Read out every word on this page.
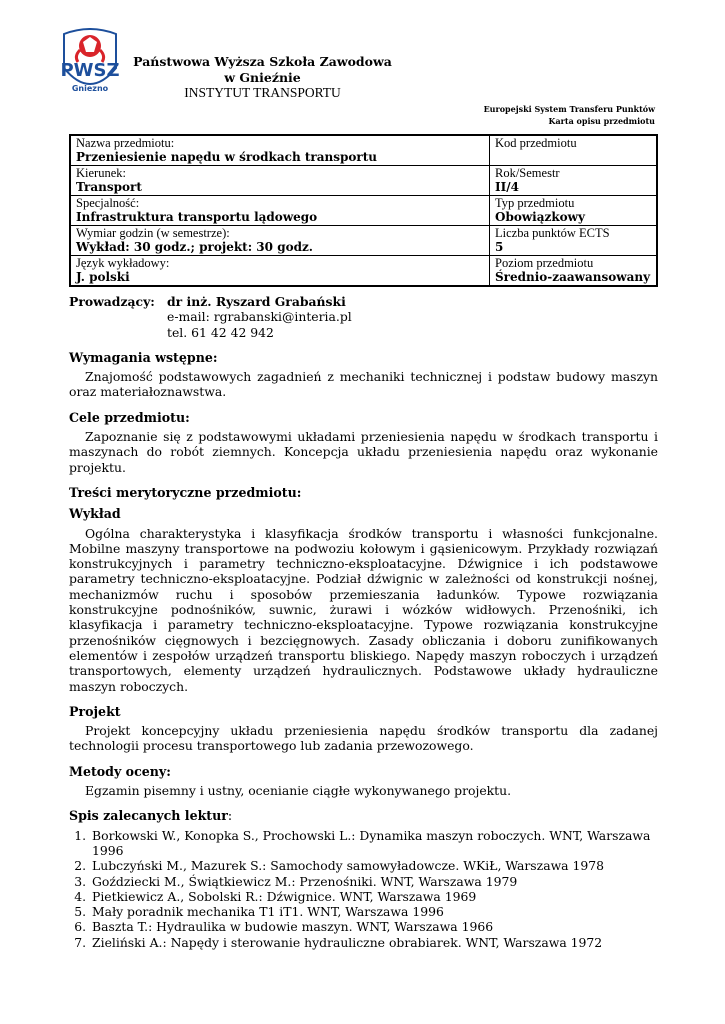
PWSZ
Gniezno
Państwowa Wyższa Szkoła Zawodowa
w Gnieźnie
INSTYTUT TRANSPORTU
Europejski System Transferu Punktów
Karta opisu przedmiotu
Nazwa przedmiotu:
Przeniesienie napędu w środkach transportu	Kod przedmiotu

Kierunek:
Transport	Rok/Semestr
II/4

Specjalność:
Infrastruktura transportu lądowego	Typ przedmiotu
Obowiązkowy

Wymiar godzin (w semestrze):
Wykład: 30 godz.; projekt: 30 godz.	Liczba punktów ECTS
5

Język wykładowy:
J. polski	Poziom przedmiotu
Średnio-zaawansowany
Prowadzący: dr inż. Ryszard Grabański
e-mail: rgrabanski@interia.pl
tel. 61 42 42 942
Wymagania wstępne:

Znajomość podstawowych zagadnień z mechaniki technicznej i podstaw budowy maszyn oraz materiałoznawstwa.

Cele przedmiotu:

Zapoznanie się z podstawowymi układami przeniesienia napędu w środkach transportu i maszynach do robót ziemnych. Koncepcja układu przeniesienia napędu oraz wykonanie projektu.

Treści merytoryczne przedmiotu:
Wykład

Ogólna charakterystyka i klasyfikacja środków transportu i własności funkcjonalne. Mobilne maszyny transportowe na podwoziu kołowym i gąsienicowym. Przykłady rozwiązań konstrukcyjnych i parametry techniczno-eksploatacyjne. Dźwignice i ich podstawowe parametry techniczno-eksploatacyjne. Podział dźwignic w zależności od konstrukcji nośnej, mechanizmów ruchu i sposobów przemieszania ładunków. Typowe rozwiązania konstrukcyjne podnośników, suwnic, żurawi i wózków widłowych. Przenośniki, ich klasyfikacja i parametry techniczno-eksploatacyjne. Typowe rozwiązania konstrukcyjne przenośników cięgnowych i bezcięgnowych. Zasady obliczania i doboru zunifikowanych elementów i zespołów urządzeń transportu bliskiego. Napędy maszyn roboczych i urządzeń transportowych, elementy urządzeń hydraulicznych. Podstawowe układy hydrauliczne maszyn roboczych.

Projekt

Projekt koncepcyjny układu przeniesienia napędu środków transportu dla zadanej technologii procesu transportowego lub zadania przewozowego.

Metody oceny:

Egzamin pisemny i ustny, ocenianie ciągłe wykonywanego projektu.

Spis zalecanych lektur:
1. Borkowski W., Konopka S., Prochowski L.: Dynamika maszyn roboczych. WNT, Warszawa 1996
2. Lubczyński M., Mazurek S.: Samochody samowyładowcze. WKiŁ, Warszawa 1978
3. Goździecki M., Świątkiewicz M.: Przenośniki. WNT, Warszawa 1979
4. Pietkiewicz A., Sobolski R.: Dźwignice. WNT, Warszawa 1969
5. Mały poradnik mechanika T1 iT1. WNT, Warszawa 1996
6. Baszta T.: Hydraulika w budowie maszyn. WNT, Warszawa 1966
7. Zieliński A.: Napędy i sterowanie hydrauliczne obrabiarek. WNT, Warszawa 1972
